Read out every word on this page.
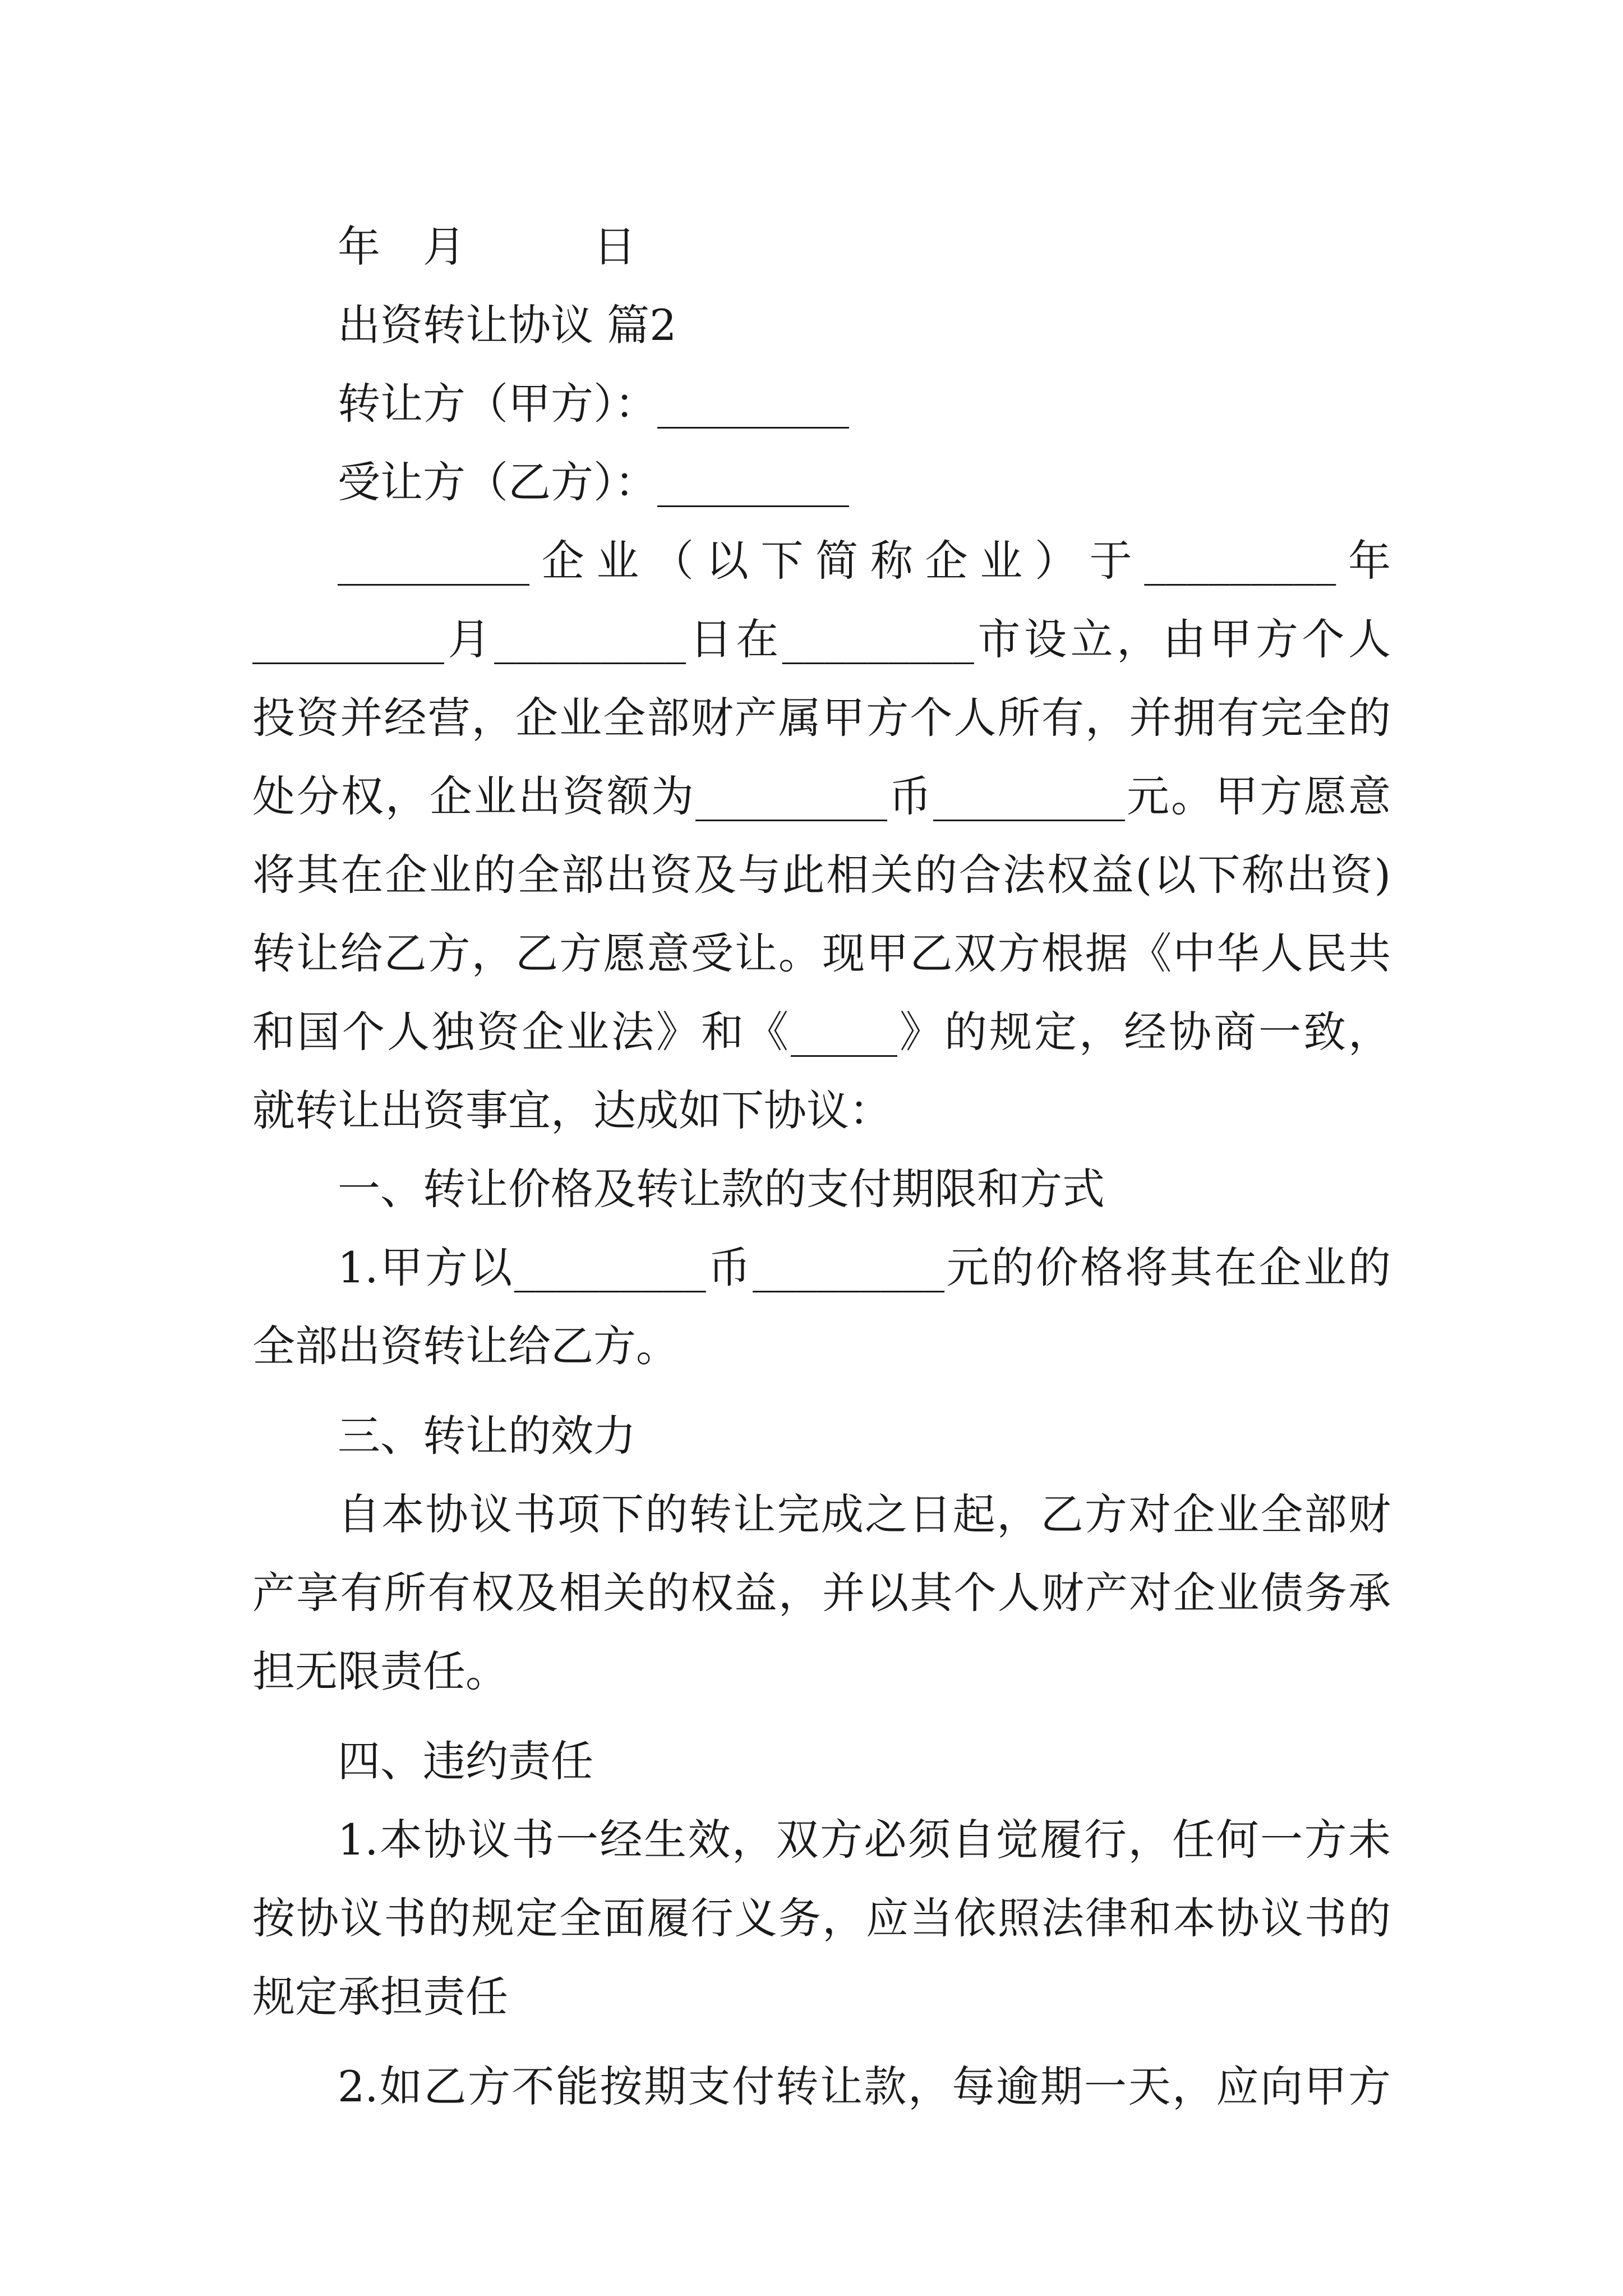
年　月　　　日

出资转让协议 篇2

转让方（甲方）：_________

受让方（乙方）：_________

_________企业（以下简称企业）于_________年

_________月_________日在_________市设立，由甲方个人

投资并经营，企业全部财产属甲方个人所有，并拥有完全的

处分权，企业出资额为_________币_________元。甲方愿意

将其在企业的全部出资及与此相关的合法权益(以下称出资)

转让给乙方，乙方愿意受让。现甲乙双方根据《中华人民共

和国个人独资企业法》和《_____》的规定，经协商一致，

就转让出资事宜，达成如下协议：

一、转让价格及转让款的支付期限和方式

1.甲方以_________币_________元的价格将其在企业的

全部出资转让给乙方。

三、转让的效力

自本协议书项下的转让完成之日起，乙方对企业全部财

产享有所有权及相关的权益，并以其个人财产对企业债务承

担无限责任。

四、违约责任

1.本协议书一经生效，双方必须自觉履行，任何一方未

按协议书的规定全面履行义务，应当依照法律和本协议书的

规定承担责任

2.如乙方不能按期支付转让款，每逾期一天，应向甲方
